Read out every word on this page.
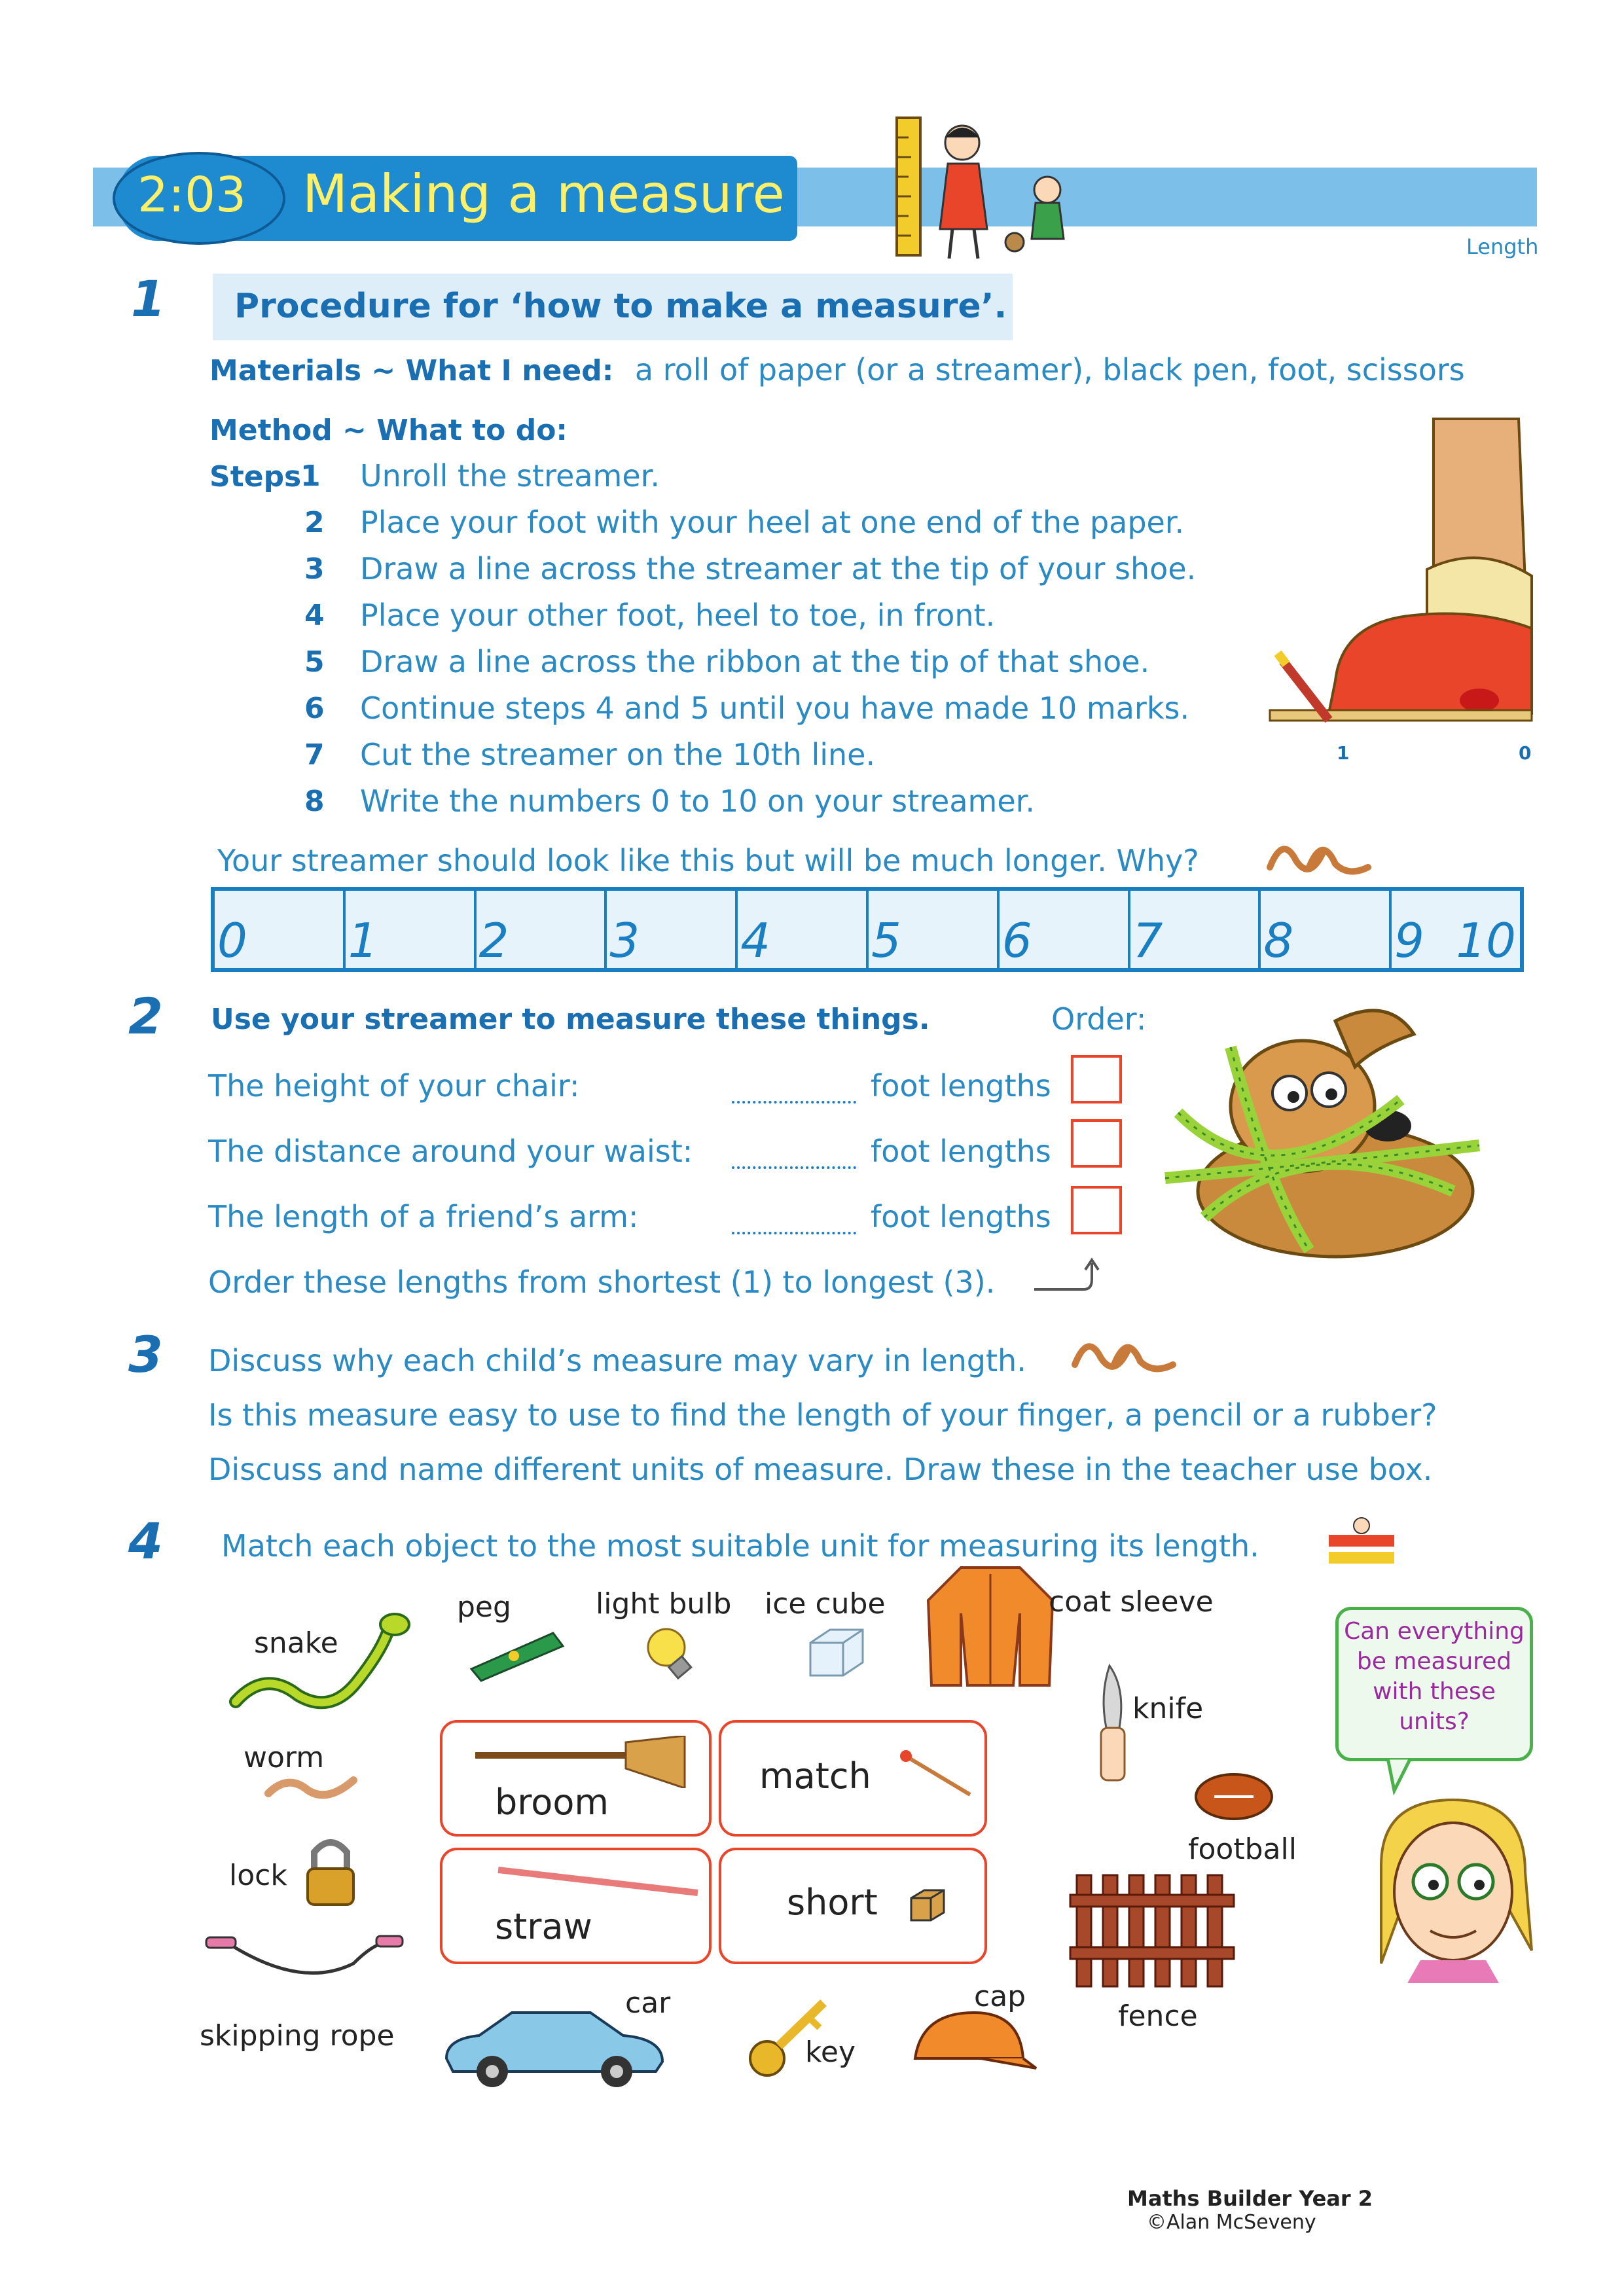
2:03 Making a measure
Length
1 Procedure for ‘how to make a measure’.
Materials ~ What I need: a roll of paper (or a streamer), black pen, foot, scissors
Method ~ What to do:
Steps
1 Unroll the streamer.
2 Place your foot with your heel at one end of the paper.
3 Draw a line across the streamer at the tip of your shoe.
4 Place your other foot, heel to toe, in front.
5 Draw a line across the ribbon at the tip of that shoe.
6 Continue steps 4 and 5 until you have made 10 marks.
7 Cut the streamer on the 10th line.
8 Write the numbers 0 to 10 on your streamer.
1	0
Your streamer should look like this but will be much longer. Why?
0 1 2 3 4 5 6 7 8 9 10
2 Use your streamer to measure these things.	Order:
The height of your chair:	foot lengths
The distance around your waist:	foot lengths
The length of a friend’s arm:	foot lengths
Order these lengths from shortest (1) to longest (3).
3 Discuss why each child’s measure may vary in length.
Is this measure easy to use to find the length of your finger, a pencil or a rubber?
Discuss and name different units of measure. Draw these in the teacher use box.
4 Match each object to the most suitable unit for measuring its length.
broom
match
straw
short
snake
peg	light bulb ice cube	coat sleeve
knife
worm
football
lock
fence
skipping rope
car
key
cap
Can everything be measured with these units?
Maths Builder Year 2
©Alan McSeveny
